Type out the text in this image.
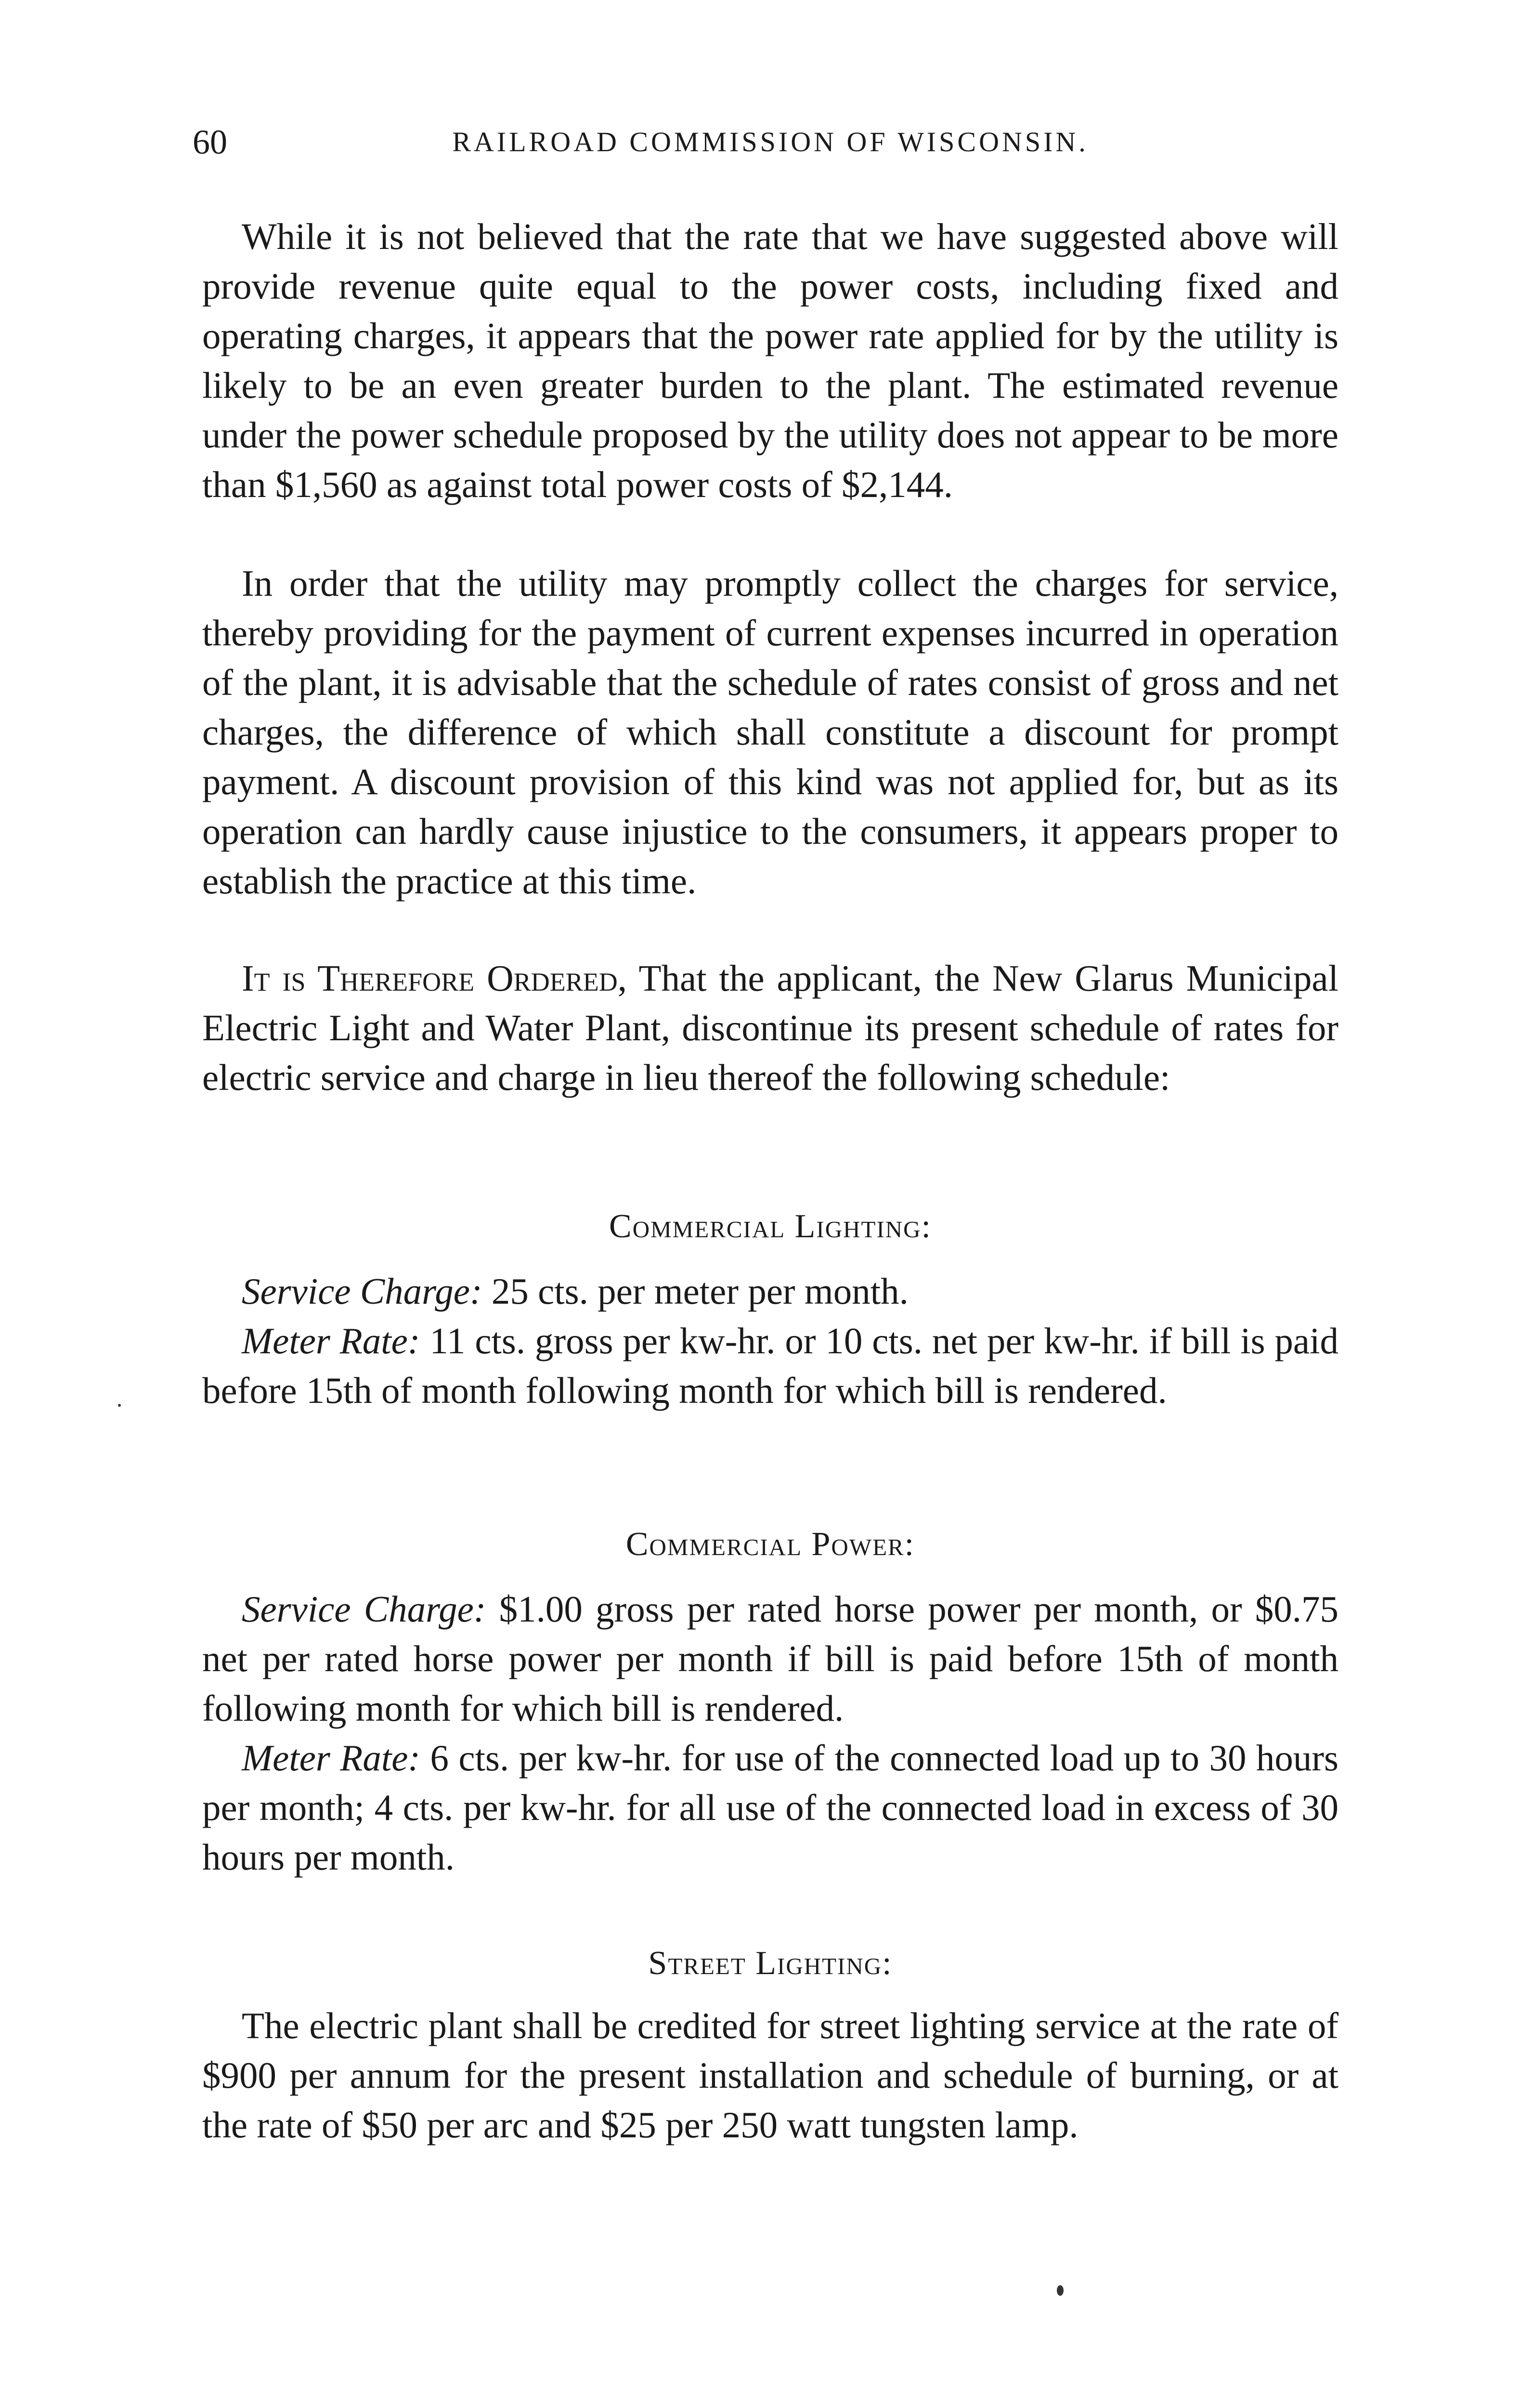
60	RAILROAD COMMISSION OF WISCONSIN.

While it is not believed that the rate that we have suggested above will provide revenue quite equal to the power costs, including fixed and operating charges, it appears that the power rate applied for by the utility is likely to be an even greater burden to the plant. The estimated revenue under the power schedule proposed by the utility does not appear to be more than $1,560 as against total power costs of $2,144.

In order that the utility may promptly collect the charges for service, thereby providing for the payment of current expenses incurred in operation of the plant, it is advisable that the schedule of rates consist of gross and net charges, the difference of which shall constitute a discount for prompt payment. A discount provision of this kind was not applied for, but as its operation can hardly cause injustice to the consumers, it appears proper to establish the practice at this time.

It is Therefore Ordered, That the applicant, the New Glarus Municipal Electric Light and Water Plant, discontinue its present schedule of rates for electric service and charge in lieu thereof the following schedule:

Commercial Lighting:

Service Charge: 25 cts. per meter per month.

Meter Rate: 11 cts. gross per kw-hr. or 10 cts. net per kw-hr. if bill is paid before 15th of month following month for which bill is rendered.

Commercial Power:

Service Charge: $1.00 gross per rated horse power per month, or $0.75 net per rated horse power per month if bill is paid before 15th of month following month for which bill is rendered.

Meter Rate: 6 cts. per kw-hr. for use of the connected load up to 30 hours per month; 4 cts. per kw-hr. for all use of the connected load in excess of 30 hours per month.

Street Lighting:

The electric plant shall be credited for street lighting service at the rate of $900 per annum for the present installation and schedule of burning, or at the rate of $50 per arc and $25 per 250 watt tungsten lamp.
